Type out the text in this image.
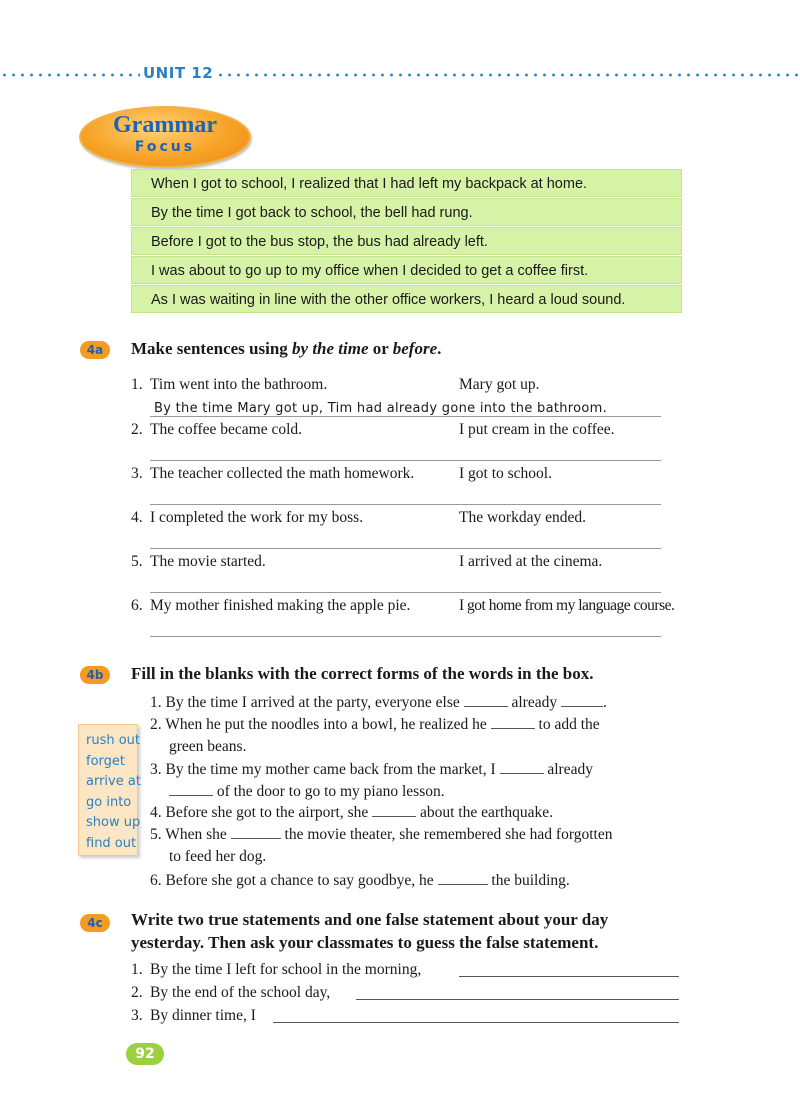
UNIT 12
Grammar
Focus
When I got to school, I realized that I had left my backpack at home.
By the time I got back to school, the bell had rung.
Before I got to the bus stop, the bus had already left.
I was about to go up to my office when I decided to get a coffee first.
As I was waiting in line with the other office workers, I heard a loud sound.
4a	Make sentences using by the time or before.
1. Tim went into the bathroom.	Mary got up.
By the time Mary got up, Tim had already gone into the bathroom.
2. The coffee became cold.	I put cream in the coffee.
3. The teacher collected the math homework.	I got to school.
4. I completed the work for my boss.	The workday ended.
5. The movie started.	I arrived at the cinema.
6. My mother finished making the apple pie.	I got home from my language course.
4b	Fill in the blanks with the correct forms of the words in the box.
rush out
forget
arrive at
go into
show up
find out
1. By the time I arrived at the party, everyone else	already	.
2. When he put the noodles into a bowl, he realized he	to add the
green beans.
3. By the time my mother came back from the market, I	already
of the door to go to my piano lesson.
4. Before she got to the airport, she	about the earthquake.
5. When she	the movie theater, she remembered she had forgotten
to feed her dog.
6. Before she got a chance to say goodbye, he	the building.
4c	Write two true statements and one false statement about your day
yesterday. Then ask your classmates to guess the false statement.
1. By the time I left for school in the morning,
2. By the end of the school day,
3. By dinner time, I
92
